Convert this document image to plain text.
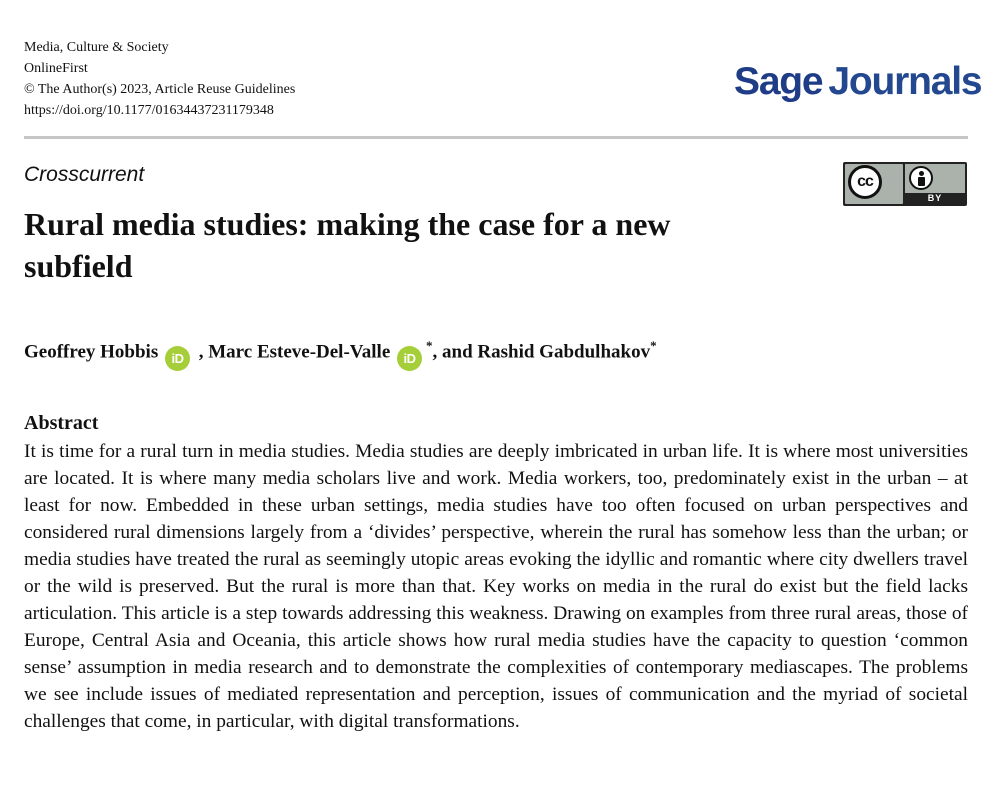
Media, Culture & Society
OnlineFirst
© The Author(s) 2023, Article Reuse Guidelines
https://doi.org/10.1177/01634437231179348
Sage Journals
Crosscurrent	cc
BY
Rural media studies: making the case for a new subfield
Geoffrey Hobbis iD , Marc Esteve-Del-Valle iD*, and Rashid Gabdulhakov*
Abstract
It is time for a rural turn in media studies. Media studies are deeply imbricated in urban life. It is where most universities are located. It is where many media scholars live and work. Media workers, too, predominately exist in the urban – at least for now. Embedded in these urban settings, media studies have too often focused on urban perspectives and considered rural dimensions largely from a ‘divides’ perspective, wherein the rural has somehow less than the urban; or media studies have treated the rural as seemingly utopic areas evoking the idyllic and romantic where city dwellers travel or the wild is preserved. But the rural is more than that. Key works on media in the rural do exist but the field lacks articulation. This article is a step towards addressing this weakness. Drawing on examples from three rural areas, those of Europe, Central Asia and Oceania, this article shows how rural media studies have the capacity to question ‘common sense’ assumption in media research and to demonstrate the complexities of contemporary mediascapes. The problems we see include issues of mediated representation and perception, issues of communication and the myriad of societal challenges that come, in particular, with digital transformations.
